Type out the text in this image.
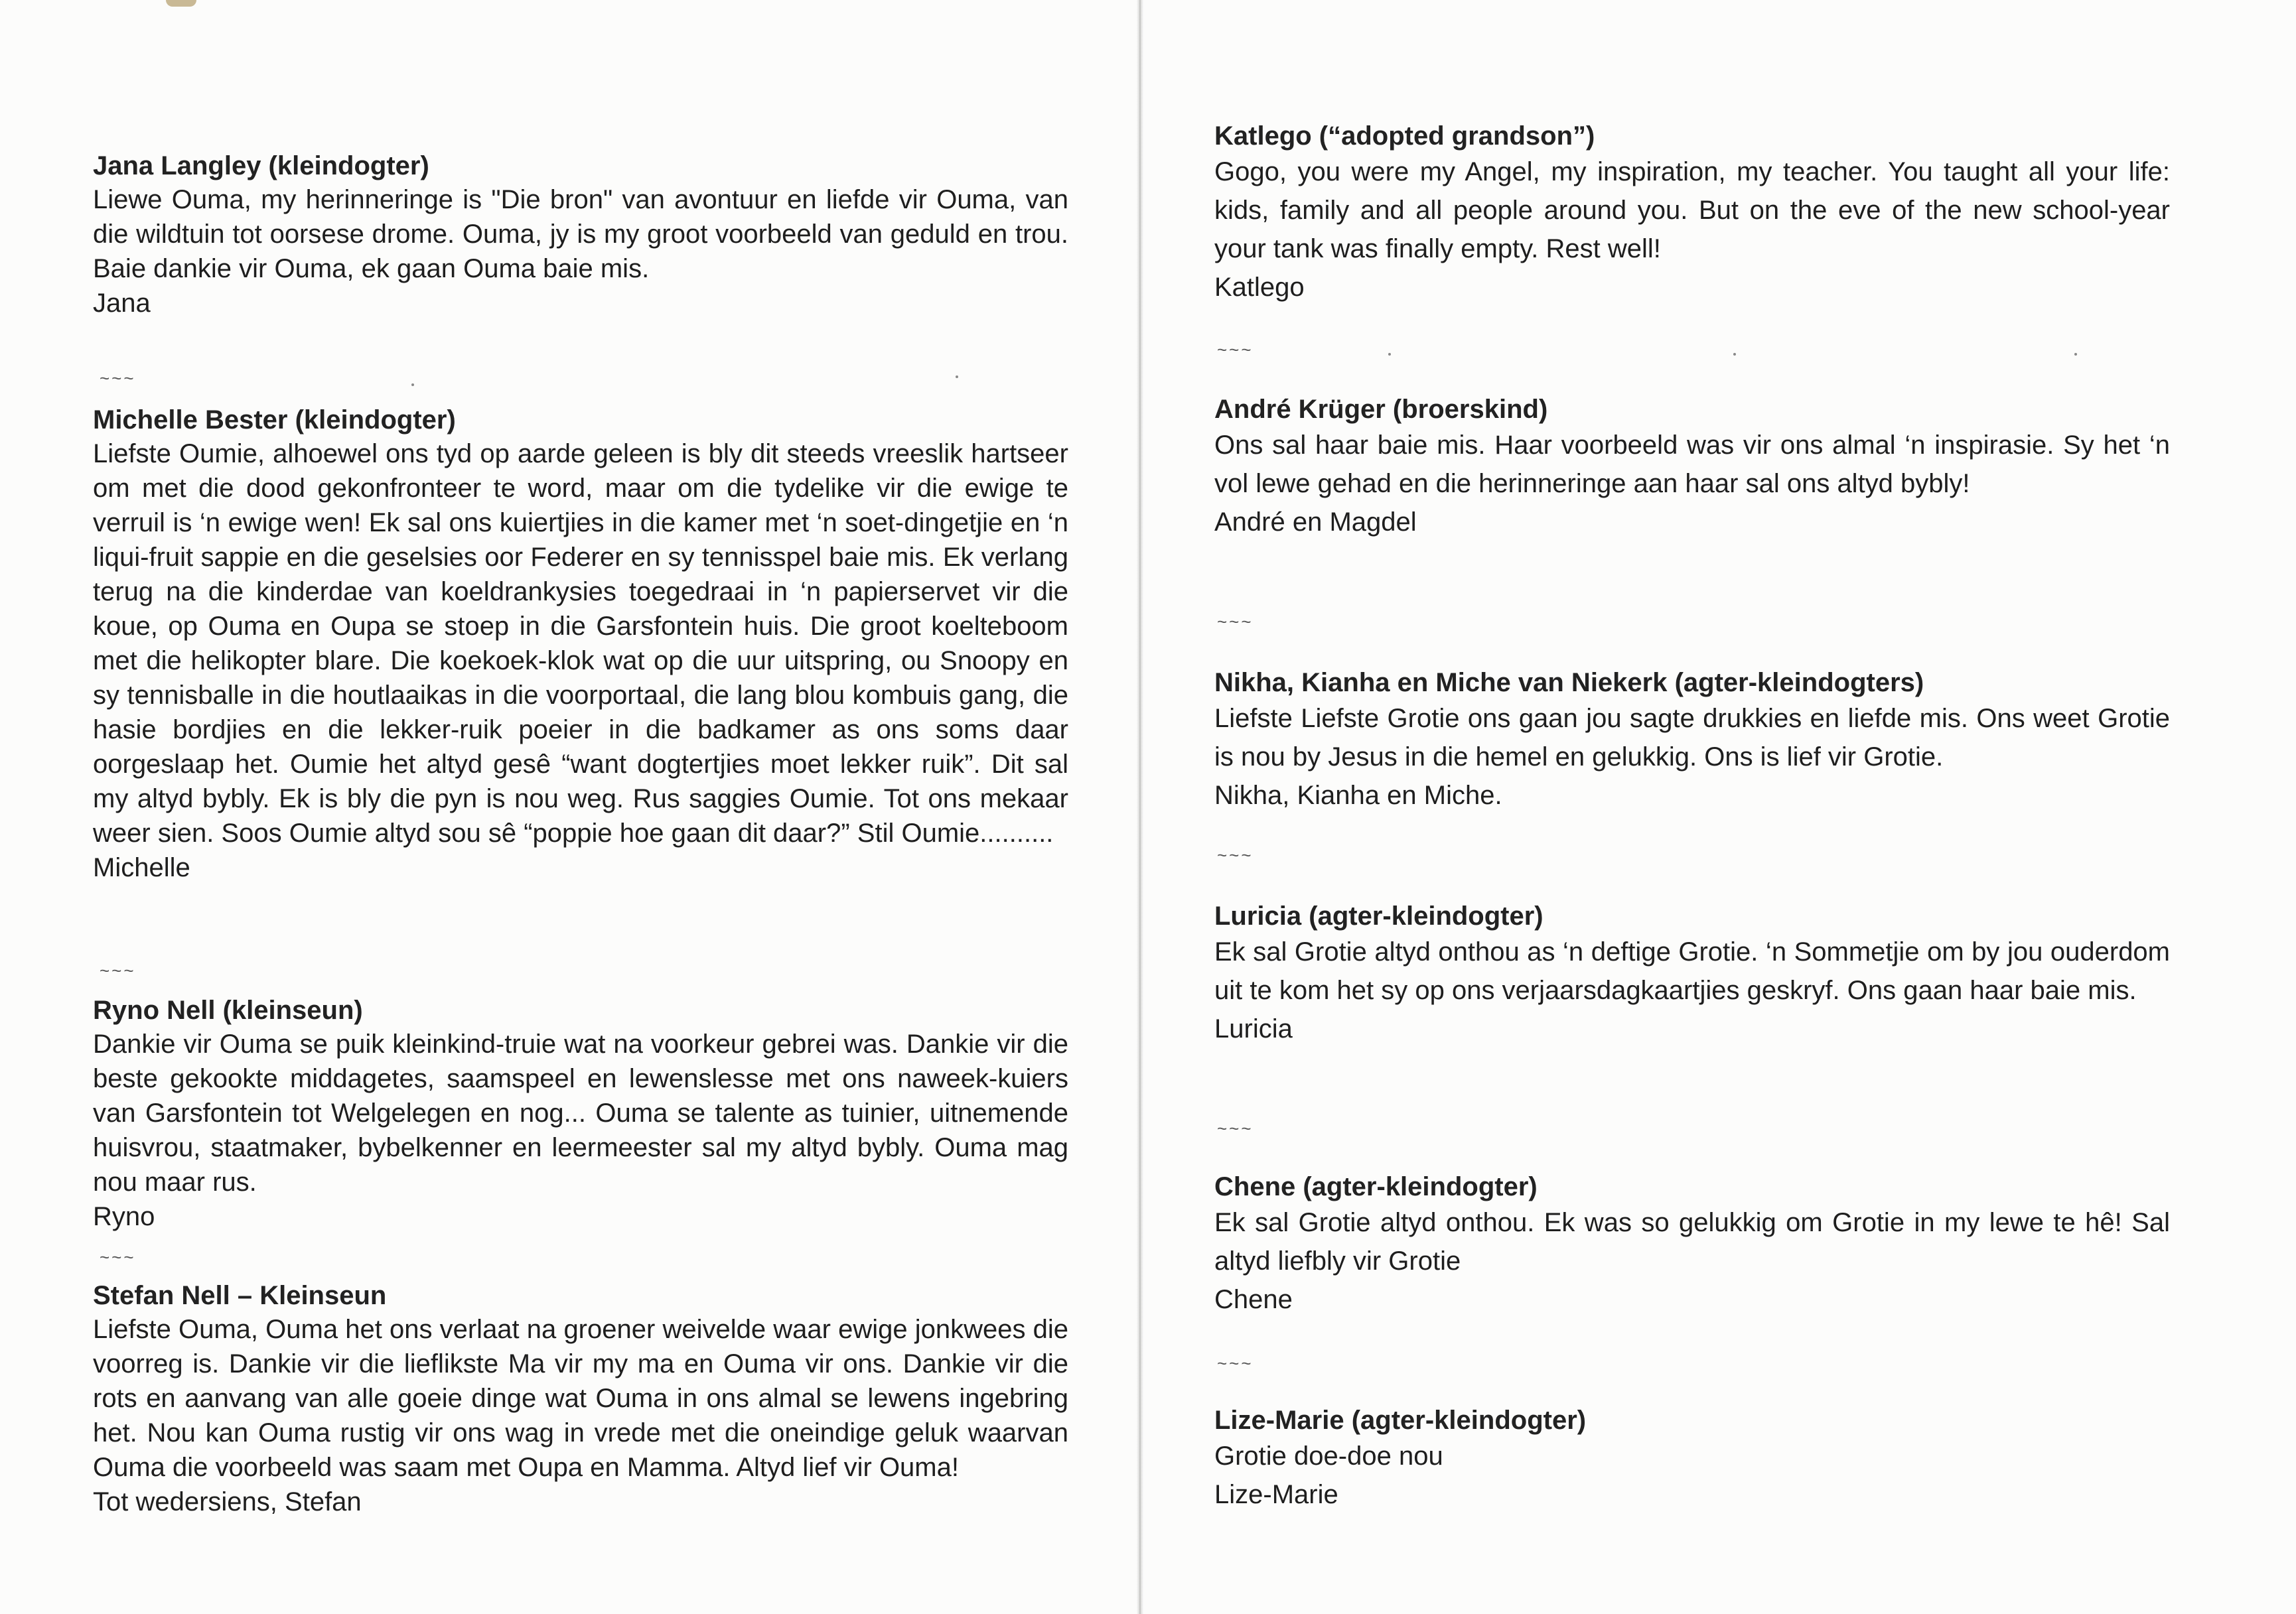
Jana Langley (kleindogter)

Liewe Ouma, my herinneringe is "Die bron" van avontuur en liefde vir Ouma, van die wildtuin tot oorsese drome. Ouma, jy is my groot voorbeeld van geduld en trou. Baie dankie vir Ouma, ek gaan Ouma baie mis.

Jana

~~~

Michelle Bester (kleindogter)

Liefste Oumie, alhoewel ons tyd op aarde geleen is bly dit steeds vreeslik hartseer om met die dood gekonfronteer te word, maar om die tydelike vir die ewige te verruil is ‘n ewige wen! Ek sal ons kuiertjies in die kamer met ‘n soet-dingetjie en ‘n liqui-fruit sappie en die geselsies oor Federer en sy tennisspel baie mis. Ek verlang terug na die kinderdae van koeldrankysies toegedraai in ‘n papierservet vir die koue, op Ouma en Oupa se stoep in die Garsfontein huis. Die groot koelteboom met die helikopter blare. Die koekoek-klok wat op die uur uitspring, ou Snoopy en sy tennisballe in die houtlaaikas in die voorportaal, die lang blou kombuis gang, die hasie bordjies en die lekker-ruik poeier in die badkamer as ons soms daar oorgeslaap het. Oumie het altyd gesê “want dogtertjies moet lekker ruik”. Dit sal my altyd bybly. Ek is bly die pyn is nou weg. Rus saggies Oumie. Tot ons mekaar weer sien. Soos Oumie altyd sou sê “poppie hoe gaan dit daar?” Stil Oumie..........

Michelle

~~~

Ryno Nell (kleinseun)

Dankie vir Ouma se puik kleinkind-truie wat na voorkeur gebrei was. Dankie vir die beste gekookte middagetes, saamspeel en lewenslesse met ons naweek-kuiers van Garsfontein tot Welgelegen en nog... Ouma se talente as tuinier, uitnemende huisvrou, staatmaker, bybelkenner en leermeester sal my altyd bybly. Ouma mag nou maar rus.

Ryno

~~~

Stefan Nell – Kleinseun

Liefste Ouma, Ouma het ons verlaat na groener weivelde waar ewige jonkwees die voorreg is. Dankie vir die lieflikste Ma vir my ma en Ouma vir ons. Dankie vir die rots en aanvang van alle goeie dinge wat Ouma in ons almal se lewens ingebring het. Nou kan Ouma rustig vir ons wag in vrede met die oneindige geluk waarvan Ouma die voorbeeld was saam met Oupa en Mamma. Altyd lief vir Ouma!

Tot wedersiens, Stefan

Katlego (“adopted grandson”)

Gogo, you were my Angel, my inspiration, my teacher. You taught all your life: kids, family and all people around you. But on the eve of the new school-year your tank was finally empty. Rest well!

Katlego

~~~

André Krüger (broerskind)

Ons sal haar baie mis. Haar voorbeeld was vir ons almal ‘n inspirasie. Sy het ‘n vol lewe gehad en die herinneringe aan haar sal ons altyd bybly!

André en Magdel

~~~

Nikha, Kianha en Miche van Niekerk (agter-kleindogters)

Liefste Liefste Grotie ons gaan jou sagte drukkies en liefde mis. Ons weet Grotie is nou by Jesus in die hemel en gelukkig. Ons is lief vir Grotie.

Nikha, Kianha en Miche.

~~~

Luricia (agter-kleindogter)

Ek sal Grotie altyd onthou as ‘n deftige Grotie. ‘n Sommetjie om by jou ouderdom uit te kom het sy op ons verjaarsdagkaartjies geskryf. Ons gaan haar baie mis.

Luricia

~~~

Chene (agter-kleindogter)

Ek sal Grotie altyd onthou. Ek was so gelukkig om Grotie in my lewe te hê! Sal altyd liefbly vir Grotie

Chene

~~~

Lize-Marie (agter-kleindogter)

Grotie doe-doe nou

Lize-Marie
